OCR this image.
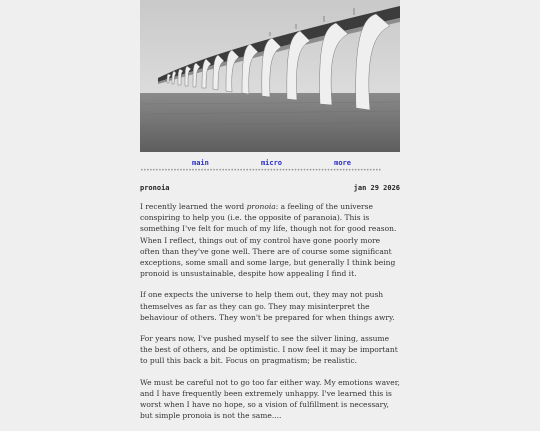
main	micro	more
••••••••••••••••••••••••••••••••••••••••••••••••••••••••••••••••••••••••••••••••
pronoia	jan 29 2026

I recently learned the word pronoia: a feeling of the universe conspiring to help you (i.e. the opposite of paranoia). This is something I've felt for much of my life, though not for good reason. When I reflect, things out of my control have gone poorly more often than they've gone well. There are of course some significant exceptions, some small and some large, but generally I think being pronoid is unsustainable, despite how appealing I find it.

If one expects the universe to help them out, they may not push themselves as far as they can go. They may misinterpret the behaviour of others. They won't be prepared for when things awry.

For years now, I've pushed myself to see the silver lining, assume the best of others, and be optimistic. I now feel it may be important to pull this back a bit. Focus on pragmatism; be realistic.

We must be careful not to go too far either way. My emotions waver, and I have frequently been extremely unhappy. I've learned this is worst when I have no hope, so a vision of fulfillment is necessary, but simple pronoia is not the same....
